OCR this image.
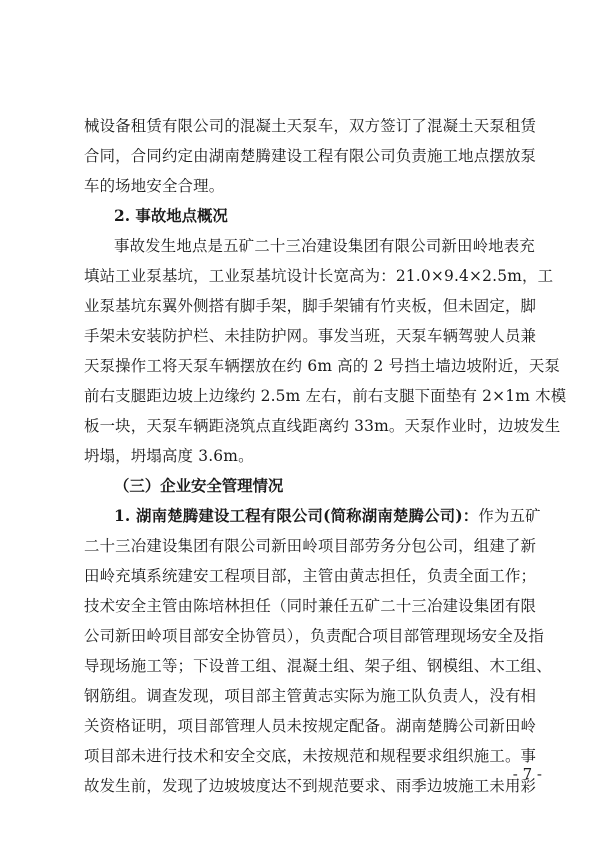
械设备租赁有限公司的混凝土天泵车，双方签订了混凝土天泵租赁
合同，合同约定由湖南楚腾建设工程有限公司负责施工地点摆放泵
车的场地安全合理。
2. 事故地点概况
事故发生地点是五矿二十三冶建设集团有限公司新田岭地表充
填站工业泵基坑，工业泵基坑设计长宽高为：21.0×9.4×2.5m，工
业泵基坑东翼外侧搭有脚手架，脚手架铺有竹夹板，但未固定，脚
手架未安装防护栏、未挂防护网。事发当班，天泵车辆驾驶人员兼
天泵操作工将天泵车辆摆放在约 6m 高的 2 号挡土墙边坡附近，天泵
前右支腿距边坡上边缘约 2.5m 左右，前右支腿下面垫有 2×1m 木模
板一块，天泵车辆距浇筑点直线距离约 33m。天泵作业时，边坡发生
坍塌，坍塌高度 3.6m。
（三）企业安全管理情况
1. 湖南楚腾建设工程有限公司(简称湖南楚腾公司)：作为五矿
二十三冶建设集团有限公司新田岭项目部劳务分包公司，组建了新
田岭充填系统建安工程项目部，主管由黄志担任，负责全面工作；
技术安全主管由陈培林担任（同时兼任五矿二十三冶建设集团有限
公司新田岭项目部安全协管员），负责配合项目部管理现场安全及指
导现场施工等；下设普工组、混凝土组、架子组、钢模组、木工组、
钢筋组。调查发现，项目部主管黄志实际为施工队负责人，没有相
关资格证明，项目部管理人员未按规定配备。湖南楚腾公司新田岭
项目部未进行技术和安全交底，未按规范和规程要求组织施工。事
故发生前，发现了边坡坡度达不到规范要求、雨季边坡施工未用彩
- 7 -
